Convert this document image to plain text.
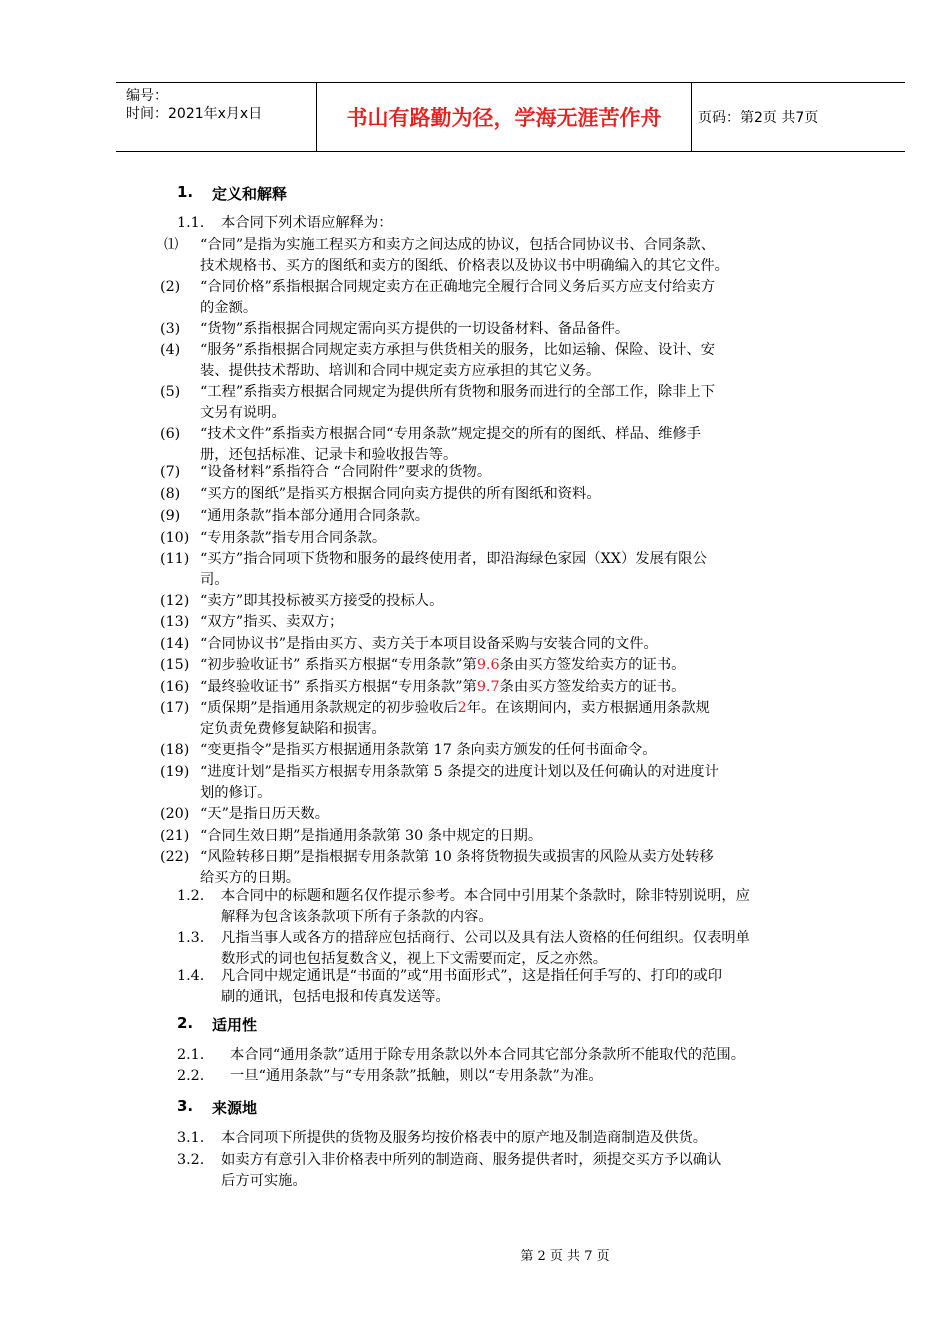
编号：
时间：2021年x月x日	书山有路勤为径，学海无涯苦作舟	页码：第2页 共7页
1. 定义和解释
1.1. 本合同下列术语应解释为：
⑴ “合同”是指为实施工程买方和卖方之间达成的协议，包括合同协议书、合同条款、
技术规格书、买方的图纸和卖方的图纸、价格表以及协议书中明确编入的其它文件。
(2) “合同价格”系指根据合同规定卖方在正确地完全履行合同义务后买方应支付给卖方
的金额。
(3) “货物”系指根据合同规定需向买方提供的一切设备材料、备品备件。
(4) “服务”系指根据合同规定卖方承担与供货相关的服务，比如运输、保险、设计、安
装、提供技术帮助、培训和合同中规定卖方应承担的其它义务。
(5) “工程”系指卖方根据合同规定为提供所有货物和服务而进行的全部工作，除非上下
文另有说明。
(6) “技术文件”系指卖方根据合同“专用条款”规定提交的所有的图纸、样品、维修手
册，还包括标准、记录卡和验收报告等。
(7) “设备材料”系指符合 “合同附件”要求的货物。
(8) “买方的图纸”是指买方根据合同向卖方提供的所有图纸和资料。
(9) “通用条款”指本部分通用合同条款。
(10) “专用条款”指专用合同条款。
(11) “买方”指合同项下货物和服务的最终使用者，即沿海绿色家园（XX）发展有限公
司。
(12) “卖方”即其投标被买方接受的投标人。
(13) “双方”指买、卖双方；
(14) “合同协议书”是指由买方、卖方关于本项目设备采购与安装合同的文件。
(15) “初步验收证书” 系指买方根据“专用条款”第9.6条由买方签发给卖方的证书。
(16) “最终验收证书” 系指买方根据“专用条款”第9.7条由买方签发给卖方的证书。
(17) “质保期”是指通用条款规定的初步验收后2年。在该期间内，卖方根据通用条款规
定负责免费修复缺陷和损害。
(18) “变更指令”是指买方根据通用条款第 17 条向卖方颁发的任何书面命令。
(19) “进度计划”是指买方根据专用条款第 5 条提交的进度计划以及任何确认的对进度计
划的修订。
(20) “天”是指日历天数。
(21) “合同生效日期”是指通用条款第 30 条中规定的日期。
(22) “风险转移日期”是指根据专用条款第 10 条将货物损失或损害的风险从卖方处转移
给买方的日期。
1.2. 本合同中的标题和题名仅作提示参考。本合同中引用某个条款时，除非特别说明，应
解释为包含该条款项下所有子条款的内容。
1.3. 凡指当事人或各方的措辞应包括商行、公司以及具有法人资格的任何组织。仅表明单
数形式的词也包括复数含义，视上下文需要而定，反之亦然。
1.4. 凡合同中规定通讯是“书面的”或“用书面形式”，这是指任何手写的、打印的或印
刷的通讯，包括电报和传真发送等。
2. 适用性
2.1. 本合同“通用条款”适用于除专用条款以外本合同其它部分条款所不能取代的范围。
2.2. 一旦“通用条款”与“专用条款”抵触，则以“专用条款”为准。
3. 来源地
3.1. 本合同项下所提供的货物及服务均按价格表中的原产地及制造商制造及供货。
3.2. 如卖方有意引入非价格表中所列的制造商、服务提供者时，须提交买方予以确认
后方可实施。
第 2 页 共 7 页
